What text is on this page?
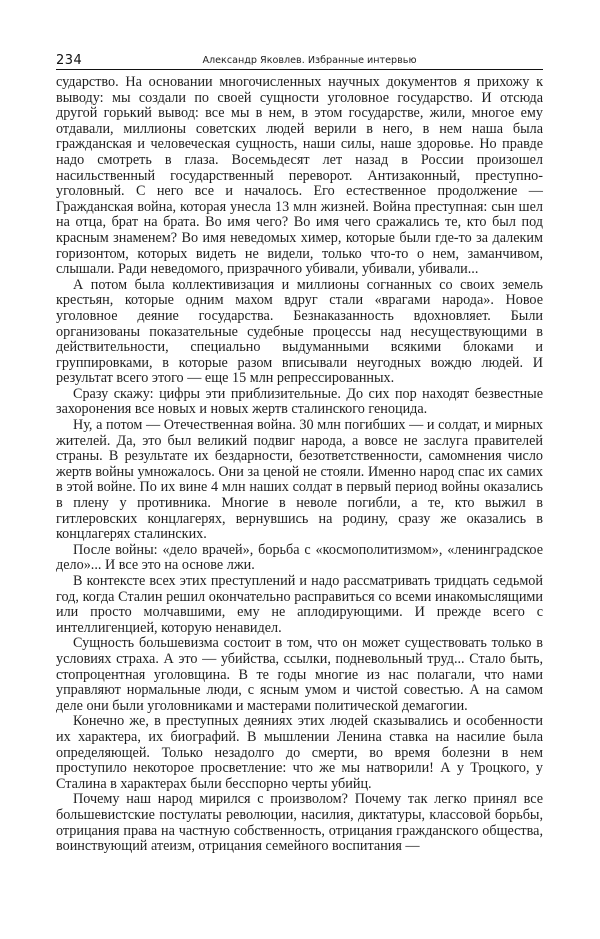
234	Александр Яковлев. Избранные интервью

сударство. На основании многочисленных научных документов я прихожу к выводу: мы создали по своей сущности уголовное государство. И отсюда другой горький вывод: все мы в нем, в этом государстве, жили, многое ему отдавали, миллионы советских людей верили в него, в нем наша была гражданская и человеческая сущность, наши силы, наше здоровье. Но правде надо смотреть в глаза. Восемьдесят лет назад в России произошел насильственный государственный переворот. Антизаконный, преступно-уголовный. С него все и началось. Его естественное продолжение — Гражданская война, которая унесла 13 млн жизней. Война преступная: сын шел на отца, брат на брата. Во имя чего? Во имя чего сражались те, кто был под красным знаменем? Во имя неведомых химер, которые были где-то за далеким горизонтом, которых видеть не видели, только что-то о нем, заманчивом, слышали. Ради неведомого, призрачного убивали, убивали, убивали...

А потом была коллективизация и миллионы согнанных со своих земель крестьян, которые одним махом вдруг стали «врагами народа». Новое уголовное деяние государства. Безнаказанность вдохновляет. Были организованы показательные судебные процессы над несуществующими в действительности, специально выдуманными всякими блоками и группировками, в которые разом вписывали неугодных вождю людей. И результат всего этого — еще 15 млн репрессированных.

Сразу скажу: цифры эти приблизительные. До сих пор находят безвестные захоронения все новых и новых жертв сталинского геноцида.

Ну, а потом — Отечественная война. 30 млн погибших — и солдат, и мирных жителей. Да, это был великий подвиг народа, а вовсе не заслуга правителей страны. В результате их бездарности, безответственности, самомнения число жертв войны умножалось. Они за ценой не стояли. Именно народ спас их самих в этой войне. По их вине 4 млн наших солдат в первый период войны оказались в плену у противника. Многие в неволе погибли, а те, кто выжил в гитлеровских концлагерях, вернувшись на родину, сразу же оказались в концлагерях сталинских.

После войны: «дело врачей», борьба с «космополитизмом», «ленинградское дело»... И все это на основе лжи.

В контексте всех этих преступлений и надо рассматривать тридцать седьмой год, когда Сталин решил окончательно расправиться со всеми инакомыслящими или просто молчавшими, ему не аплодирующими. И прежде всего с интеллигенцией, которую ненавидел.

Сущность большевизма состоит в том, что он может существовать только в условиях страха. А это — убийства, ссылки, подневольный труд... Стало быть, стопроцентная уголовщина. В те годы многие из нас полагали, что нами управляют нормальные люди, с ясным умом и чистой совестью. А на самом деле они были уголовниками и мастерами политической демагогии.

Конечно же, в преступных деяниях этих людей сказывались и особенности их характера, их биографий. В мышлении Ленина ставка на насилие была определяющей. Только незадолго до смерти, во время болезни в нем проступило некоторое просветление: что же мы натворили! А у Троцкого, у Сталина в характерах были бесспорно черты убийц.

Почему наш народ мирился с произволом? Почему так легко принял все большевистские постулаты революции, насилия, диктатуры, классовой борьбы, отрицания права на частную собственность, отрицания гражданского общества, воинствующий атеизм, отрицания семейного воспитания —
